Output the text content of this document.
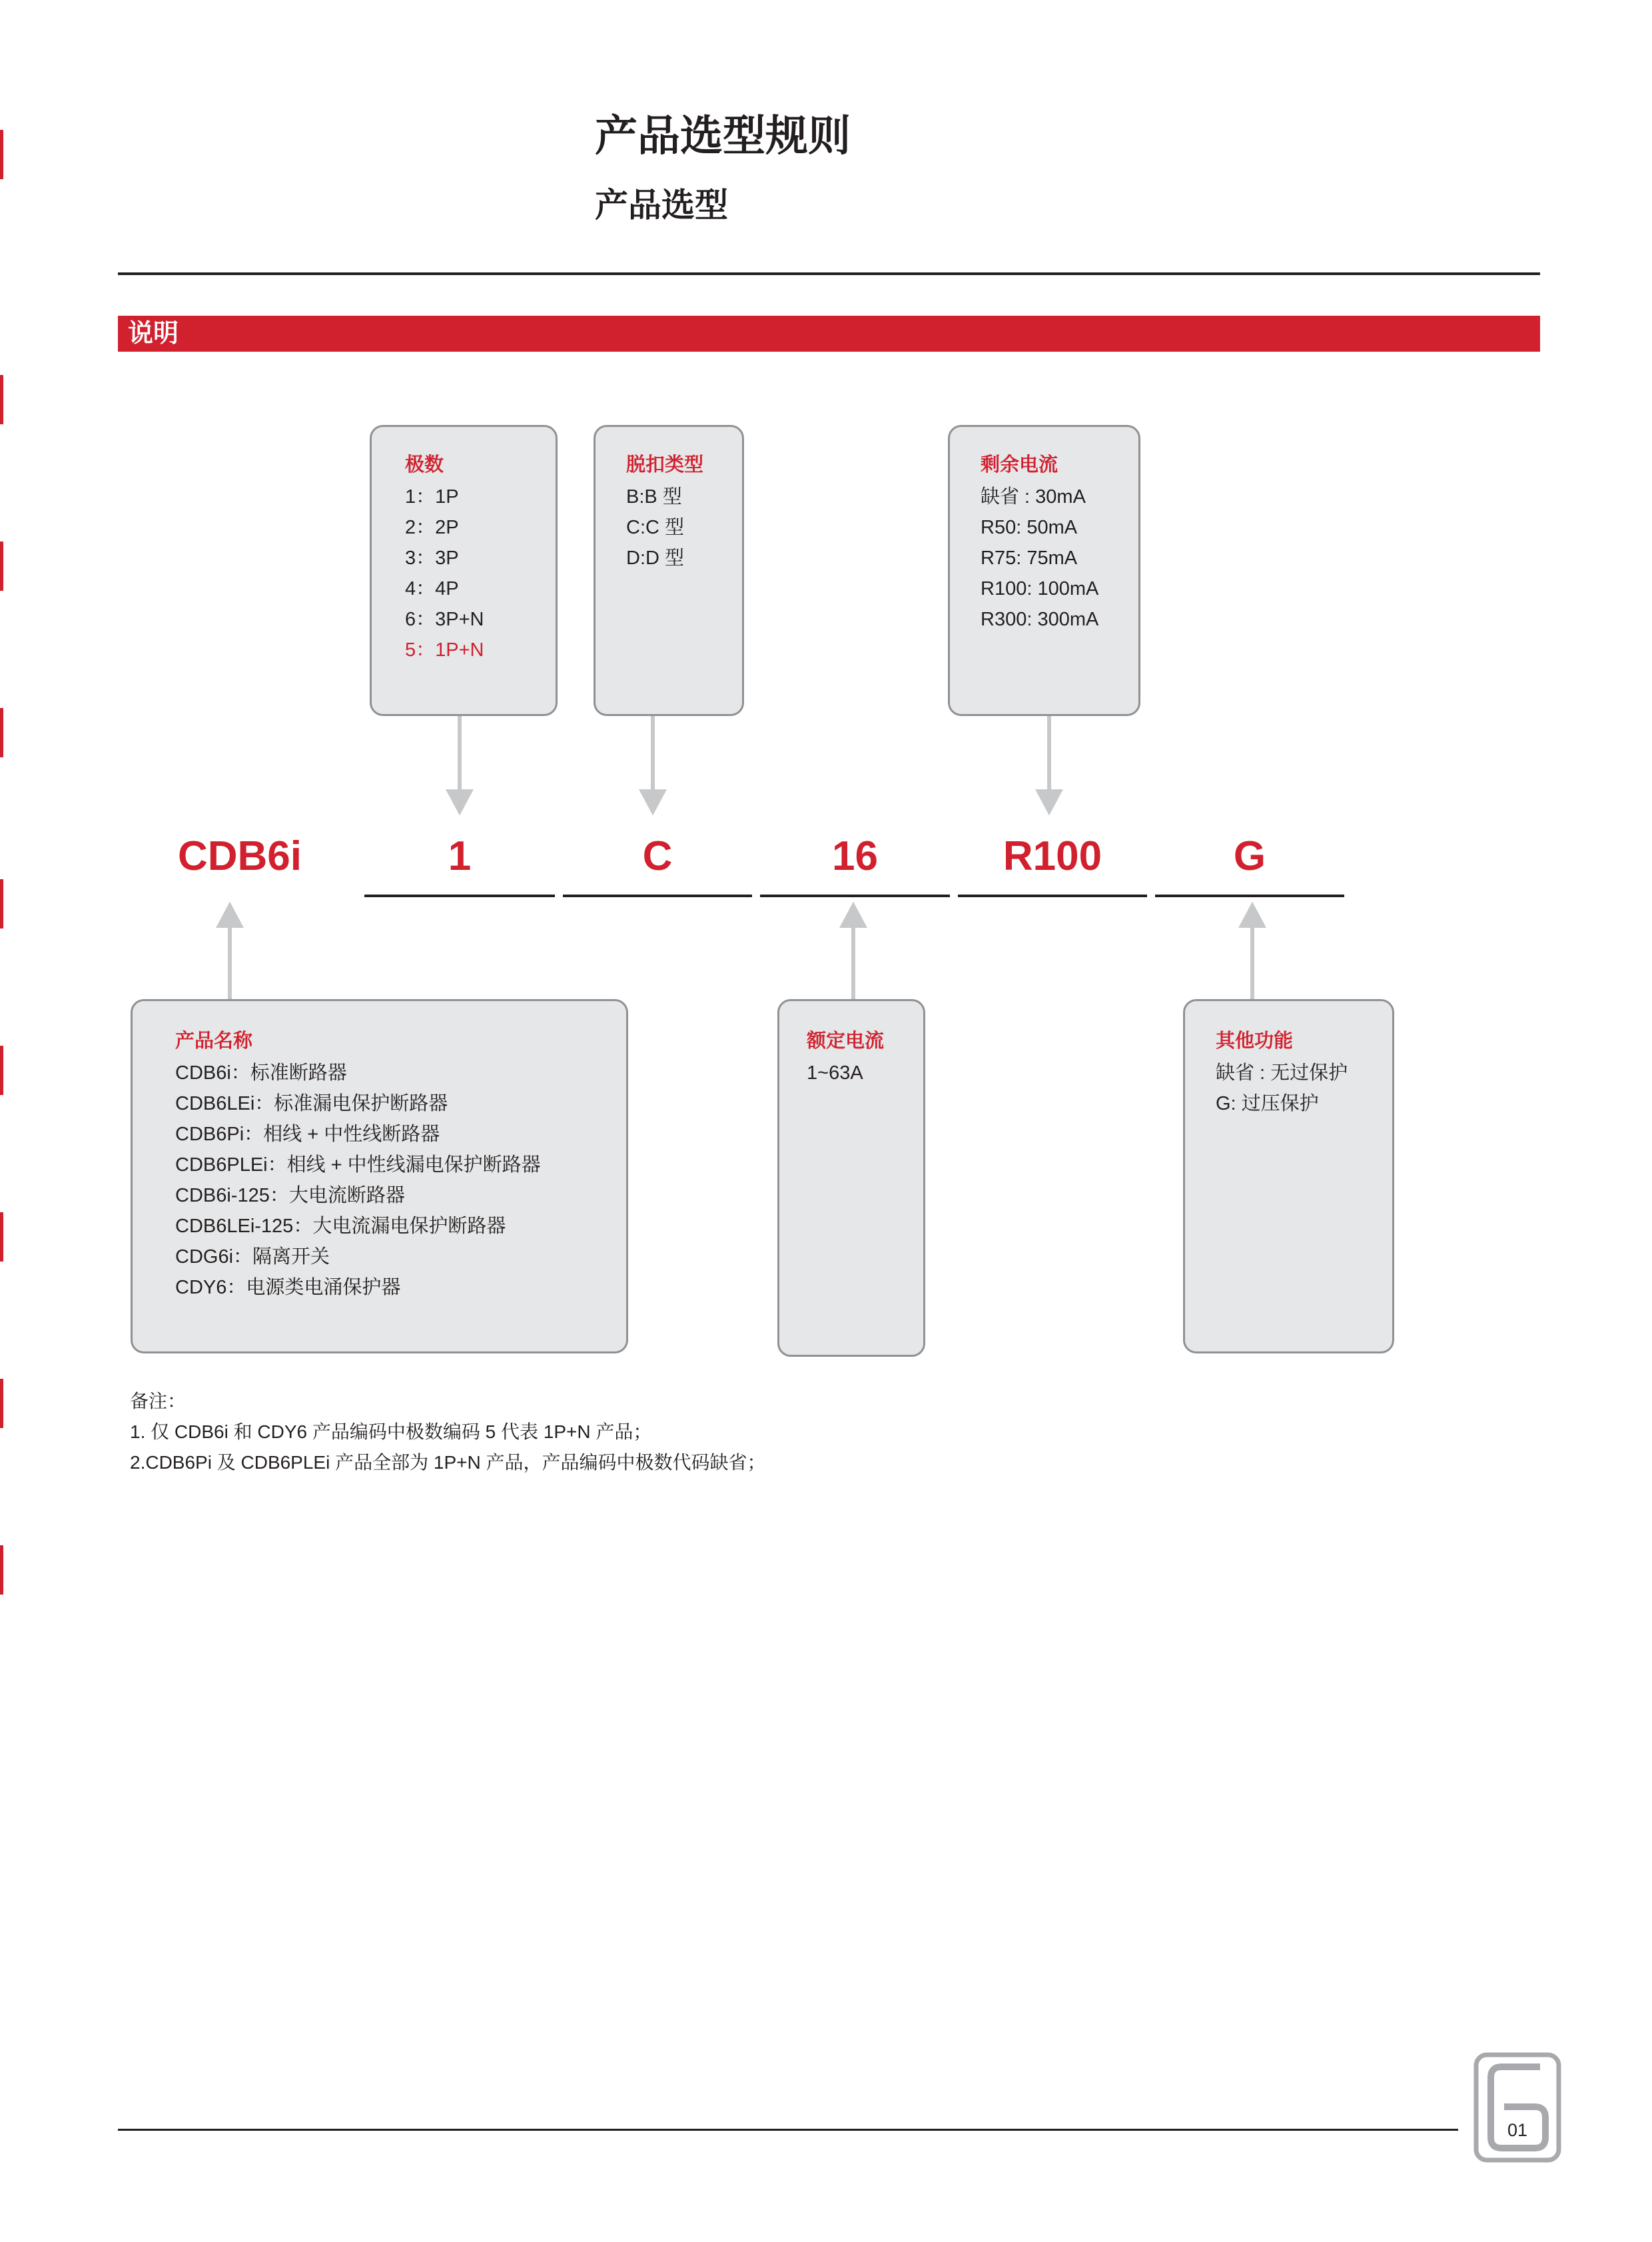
产品选型规则
产品选型
说明
极数
1：1P
2：2P
3：3P
4：4P
6：3P+N
5：1P+N
脱扣类型
B:B 型
C:C 型
D:D 型
剩余电流
缺省 : 30mA
R50: 50mA
R75: 75mA
R100: 100mA
R300: 300mA
CDB6i	1	C	16	R100	G
产品名称
CDB6i：标准断路器
CDB6LEi：标准漏电保护断路器
CDB6Pi：相线 + 中性线断路器
CDB6PLEi：相线 + 中性线漏电保护断路器
CDB6i-125：大电流断路器
CDB6LEi-125：大电流漏电保护断路器
CDG6i：隔离开关
CDY6：电源类电涌保护器
额定电流
1~63A
其他功能
缺省 : 无过保护
G: 过压保护
备注：
1. 仅 CDB6i 和 CDY6 产品编码中极数编码 5 代表 1P+N 产品；
2.CDB6Pi 及 CDB6PLEi 产品全部为 1P+N 产品，产品编码中极数代码缺省；
01
